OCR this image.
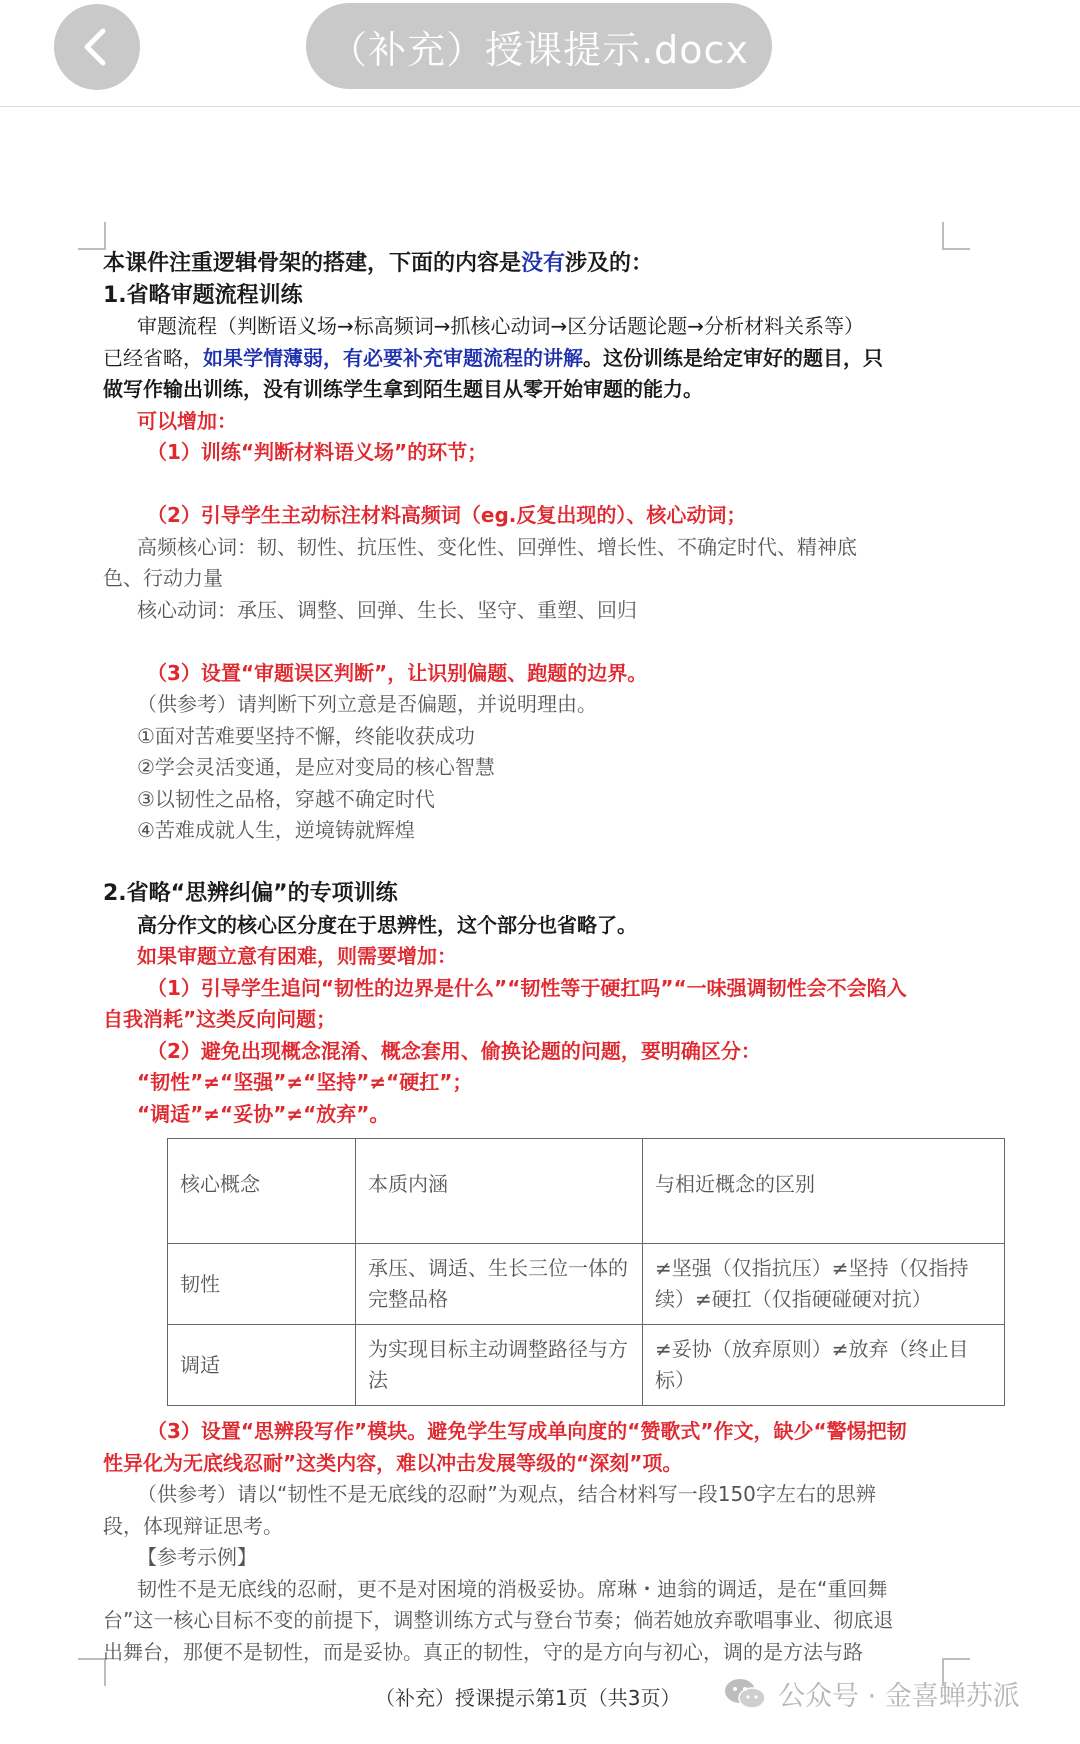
（补充）授课提示.docx

本课件注重逻辑骨架的搭建，下面的内容是没有涉及的：

1.省略审题流程训练

审题流程（判断语义场→标高频词→抓核心动词→区分话题论题→分析材料关系等）

已经省略，如果学情薄弱，有必要补充审题流程的讲解。这份训练是给定审好的题目，只

做写作输出训练，没有训练学生拿到陌生题目从零开始审题的能力。

可以增加：

（1）训练“判断材料语义场”的环节；

（2）引导学生主动标注材料高频词（eg.反复出现的）、核心动词；

高频核心词：韧、韧性、抗压性、变化性、回弹性、增长性、不确定时代、精神底

色、行动力量

核心动词：承压、调整、回弹、生长、坚守、重塑、回归

（3）设置“审题误区判断”，让识别偏题、跑题的边界。

（供参考）请判断下列立意是否偏题，并说明理由。

①面对苦难要坚持不懈，终能收获成功

②学会灵活变通，是应对变局的核心智慧

③以韧性之品格，穿越不确定时代

④苦难成就人生，逆境铸就辉煌

2.省略“思辨纠偏”的专项训练

高分作文的核心区分度在于思辨性，这个部分也省略了。

如果审题立意有困难，则需要增加：

（1）引导学生追问“韧性的边界是什么”“韧性等于硬扛吗”“一味强调韧性会不会陷入

自我消耗”这类反向问题；

（2）避免出现概念混淆、概念套用、偷换论题的问题，要明确区分：

“韧性”≠“坚强”≠“坚持”≠“硬扛”；

“调适”≠“妥协”≠“放弃”。

核心概念	本质内涵	与相近概念的区别
韧性	承压、调适、生长三位一体的完整品格	≠坚强（仅指抗压）≠坚持（仅指持续）≠硬扛（仅指硬碰硬对抗）
调适	为实现目标主动调整路径与方法	≠妥协（放弃原则）≠放弃（终止目标）

（3）设置“思辨段写作”模块。避免学生写成单向度的“赞歌式”作文，缺少“警惕把韧

性异化为无底线忍耐”这类内容，难以冲击发展等级的“深刻”项。

（供参考）请以“韧性不是无底线的忍耐”为观点，结合材料写一段150字左右的思辨

段，体现辩证思考。

【参考示例】

韧性不是无底线的忍耐，更不是对困境的消极妥协。席琳・迪翁的调适，是在“重回舞

台”这一核心目标不变的前提下，调整训练方式与登台节奏；倘若她放弃歌唱事业、彻底退

出舞台，那便不是韧性，而是妥协。真正的韧性，守的是方向与初心，调的是方法与路

（补充）授课提示第1页（共3页）	公众号 · 金喜蝉苏派
